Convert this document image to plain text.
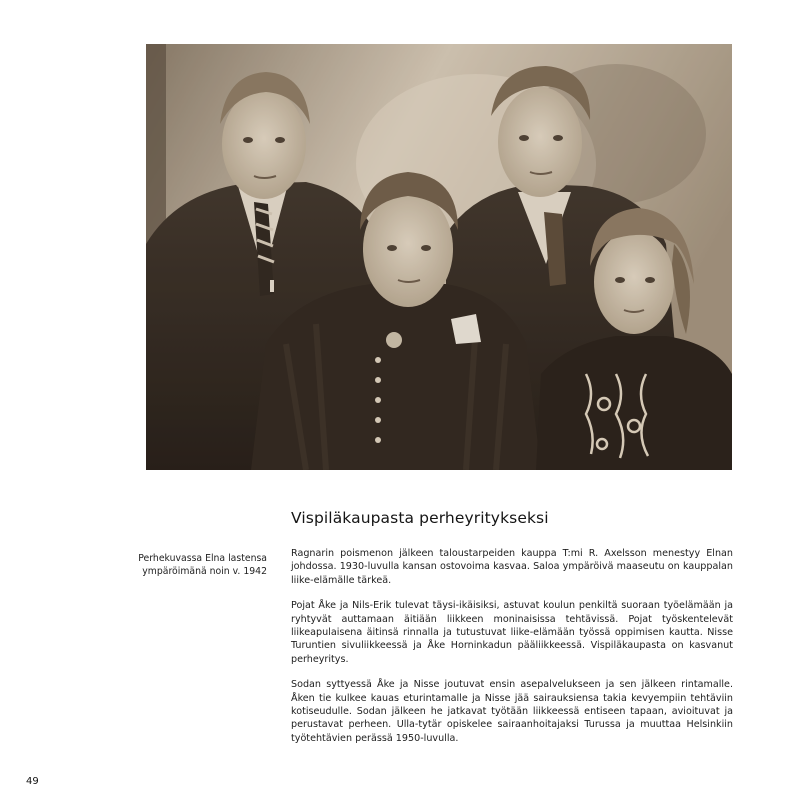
Vispiläkaupasta perheyritykseksi
Perhekuvassa Elna lastensa ympäröimänä noin v. 1942

Ragnarin poismenon jälkeen taloustarpeiden kauppa T:mi R. Axelsson menestyy Elnan johdossa. 1930-luvulla kansan ostovoima kasvaa. Saloa ympäröivä maaseutu on kauppalan liike-elämälle tärkeä.

Pojat Åke ja Nils-Erik tulevat täysi-ikäisiksi, astuvat koulun penkiltä suoraan työelämään ja ryhtyvät auttamaan äitiään liikkeen moninaisissa tehtävissä. Pojat työskentelevät liikeapulaisena äitinsä rinnalla ja tutustuvat liike-elämään työssä oppimisen kautta. Nisse Turuntien sivuliikkeessä ja Åke Horninkadun pääliikkeessä. Vispiläkaupasta on kasvanut perheyritys.

Sodan syttyessä Åke ja Nisse joutuvat ensin asepalvelukseen ja sen jälkeen rintamalle. Åken tie kulkee kauas eturintamalle ja Nisse jää sairauksiensa takia kevyempiin tehtäviin kotiseudulle. Sodan jälkeen he jatkavat työtään liikkeessä entiseen tapaan, avioituvat ja perustavat perheen. Ulla-tytär opiskelee sairaanhoitajaksi Turussa ja muuttaa Helsinkiin työtehtävien perässä 1950-luvulla.

49
